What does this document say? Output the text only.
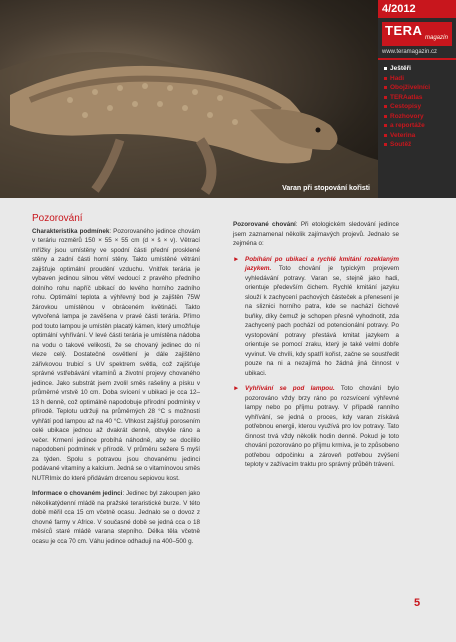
Varan při stopování kořisti
4/2012
TERA magazín
www.teramagazin.cz
Ještěři
Hadi
Obojživelníci
TERAatlas
Cestopisy
Rozhovory
a reportáže
Veterina
Soutěž
Pozorování

Charakteristika podmínek: Pozorovaného jedince chovám v teráriu rozměrů 150 × 55 × 55 cm (d × š × v). Větrací mřížky jsou umístěny ve spodní části přední prosklené stěny a zadní části horní stěny. Takto umístěné větrání zajišťuje optimální proudění vzduchu. Vnitřek terária je vybaven jedinou silnou větví vedoucí z pravého předního dolního rohu napříč ubikací do levého horního zadního rohu. Optimální teplota a výhřevný bod je zajištěn 75W žárovkou umístěnou v obráceném květináči. Takto vytvořená lampa je zavěšena v pravé části terária. Přímo pod touto lampou je umístěn placatý kámen, který umožňuje optimální vyhřívání. V levé části terária je umístěna nádoba na vodu o takové velikosti, že se chovaný jedinec do ní vleze celý. Dostatečné osvětlení je dále zajištěno zářivkovou trubicí s UV spektrem světla, což zajišťuje správné vstřebávání vitamínů a životní projevy chovaného jedince. Jako substrát jsem zvolil směs rašeliny a písku v průměrné vrstvě 10 cm. Doba svícení v ubikaci je cca 12–13 h denně, což optimálně napodobuje přírodní podmínky v přírodě. Teplotu udržuji na průměrných 28 °C s možností vyhřátí pod lampou až na 40 °C. Vlhkost zajišťuji porosením celé ubikace jednou až dvakrát denně, obvykle ráno a večer. Krmení jedince probíhá náhodně, aby se docílilo napodobení podmínek v přírodě. V průměru sežere 5 myší za týden. Spolu s potravou jsou chovanému jedinci podávané vitamíny a kalcium. Jedná se o vitamínovou směs NUTRImix do které přidávám drcenou sepiovou kost.

Informace o chovaném jedinci: Jedinec byl zakoupen jako několikatýdenní mládě na pražské teraristické burze. V této době měřil cca 15 cm včetně ocasu. Jednalo se o dovoz z chovné farmy v Africe. V současné době se jedná cca o 18 měsíců staré mládě varana stepního. Délka těla včetně ocasu je cca 70 cm. Váhu jedince odhaduji na 400–500 g.

Pozorované chování: Při etologickém sledování jedince jsem zaznamenal několik zajímavých projevů. Jednalo se zejména o:

► Pobíhání po ubikaci a rychlé kmitání rozeklaným jazykem. Toto chování je typickým projevem vyhledávání potravy. Varan se, stejně jako hadi, orientuje především čichem. Rychlé kmitání jazyku slouží k zachycení pachových částeček a přenesení je na sliznici horního patra, kde se nachází čichové buňky, díky čemuž je schopen přesně vyhodnotit, zda zachycený pach pochází od potencionální potravy. Po vystopování potravy přestává kmitat jazykem a orientuje se pomocí zraku, který je také velmi dobře vyvinut. Ve chvíli, kdy spatří kořist, začne se soustředit pouze na ni a nezajímá ho žádná jiná činnost v ubikaci.
► Vyhřívání se pod lampou. Toto chování bylo pozorováno vždy brzy ráno po rozsvícení výhřevné lampy nebo po příjmu potravy. V případě ranního vyhřívání, se jedná o proces, kdy varan získává potřebnou energii, kterou využívá pro lov potravy. Tato činnost trvá vždy několik hodin denně. Pokud je toto chování pozorováno po příjmu krmiva, je to způsobeno potřebou odpočinku a zároveň potřebou zvýšení teploty v zažívacím traktu pro správný průběh trávení.
5
